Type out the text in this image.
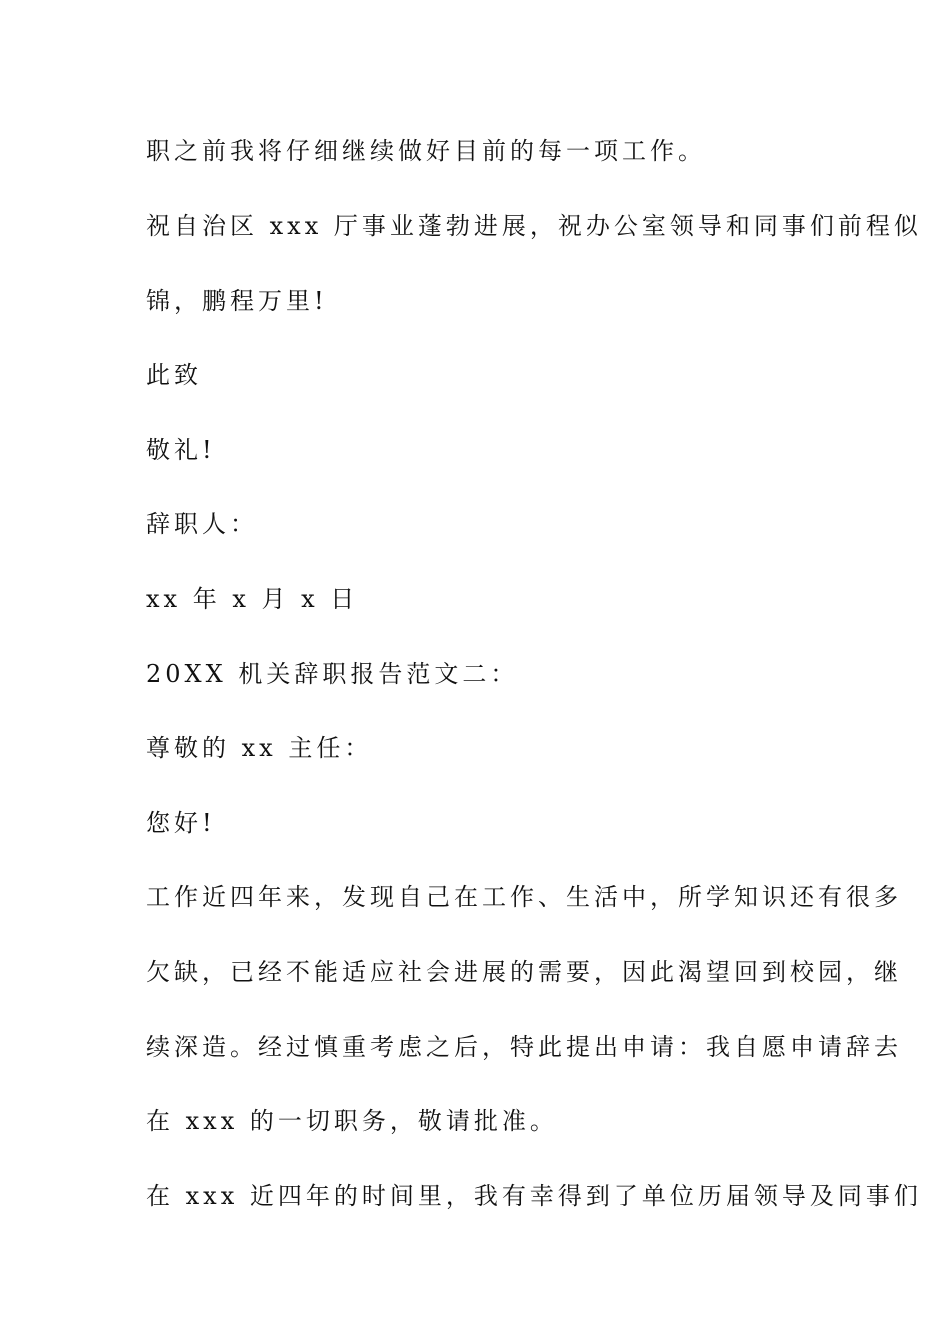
职之前我将仔细继续做好目前的每一项工作。
祝自治区 xxx 厅事业蓬勃进展，祝办公室领导和同事们前程似
锦，鹏程万里!
此致
敬礼!
辞职人：
xx 年 x 月 x 日
20XX 机关辞职报告范文二：
尊敬的 xx 主任：
您好!
工作近四年来，发现自己在工作、生活中，所学知识还有很多
欠缺，已经不能适应社会进展的需要，因此渴望回到校园，继
续深造。经过慎重考虑之后，特此提出申请：我自愿申请辞去
在 xxx 的一切职务，敬请批准。
在 xxx 近四年的时间里，我有幸得到了单位历届领导及同事们
